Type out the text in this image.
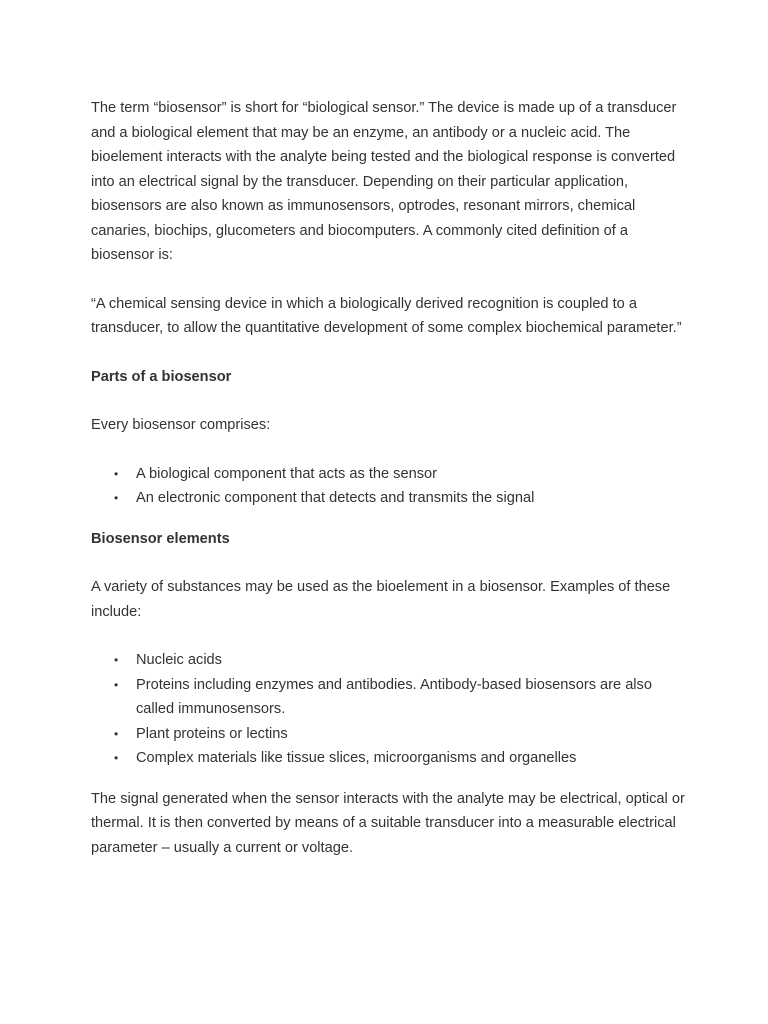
The term “biosensor” is short for “biological sensor.” The device is made up of a transducer and a biological element that may be an enzyme, an antibody or a nucleic acid. The bioelement interacts with the analyte being tested and the biological response is converted into an electrical signal by the transducer. Depending on their particular application, biosensors are also known as immunosensors, optrodes, resonant mirrors, chemical canaries, biochips, glucometers and biocomputers. A commonly cited definition of a biosensor is:

“A chemical sensing device in which a biologically derived recognition is coupled to a transducer, to allow the quantitative development of some complex biochemical parameter.”

Parts of a biosensor

Every biosensor comprises:

• A biological component that acts as the sensor
• An electronic component that detects and transmits the signal

Biosensor elements

A variety of substances may be used as the bioelement in a biosensor. Examples of these include:

• Nucleic acids
• Proteins including enzymes and antibodies. Antibody-based biosensors are also called immunosensors.
• Plant proteins or lectins
• Complex materials like tissue slices, microorganisms and organelles

The signal generated when the sensor interacts with the analyte may be electrical, optical or thermal. It is then converted by means of a suitable transducer into a measurable electrical parameter – usually a current or voltage.
